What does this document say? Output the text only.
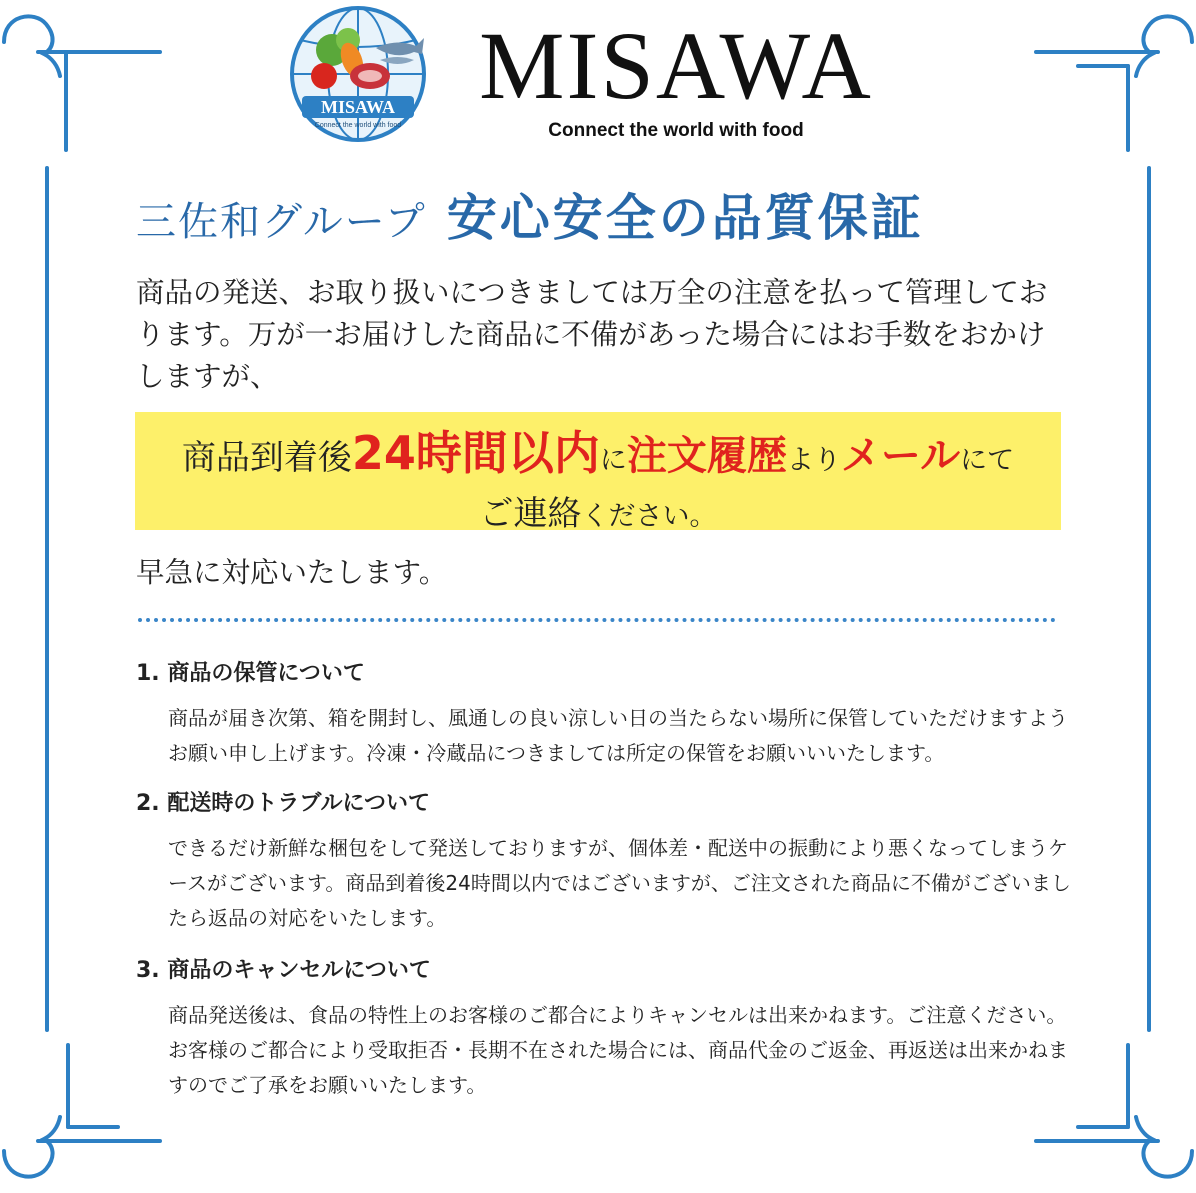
MISAWA
Connect the world with food
MISAWA
Connect the world with food
三佐和グループ 安心安全の品質保証
商品の発送、お取り扱いにつきましては万全の注意を払って管理しております。万が一お届けした商品に不備があった場合にはお手数をおかけしますが、
商品到着後24時間以内に注文履歴よりメールにて
ご連絡ください。
早急に対応いたします。
1. 商品の保管について
商品が届き次第、箱を開封し、風通しの良い涼しい日の当たらない場所に保管していただけますようお願い申し上げます。冷凍・冷蔵品につきましては所定の保管をお願いいいたします。
2. 配送時のトラブルについて
できるだけ新鮮な梱包をして発送しておりますが、個体差・配送中の振動により悪くなってしまうケースがございます。商品到着後24時間以内ではございますが、ご注文された商品に不備がございましたら返品の対応をいたします。
3. 商品のキャンセルについて
商品発送後は、食品の特性上のお客様のご都合によりキャンセルは出来かねます。ご注意ください。お客様のご都合により受取拒否・長期不在された場合には、商品代金のご返金、再返送は出来かねますのでご了承をお願いいたします。
